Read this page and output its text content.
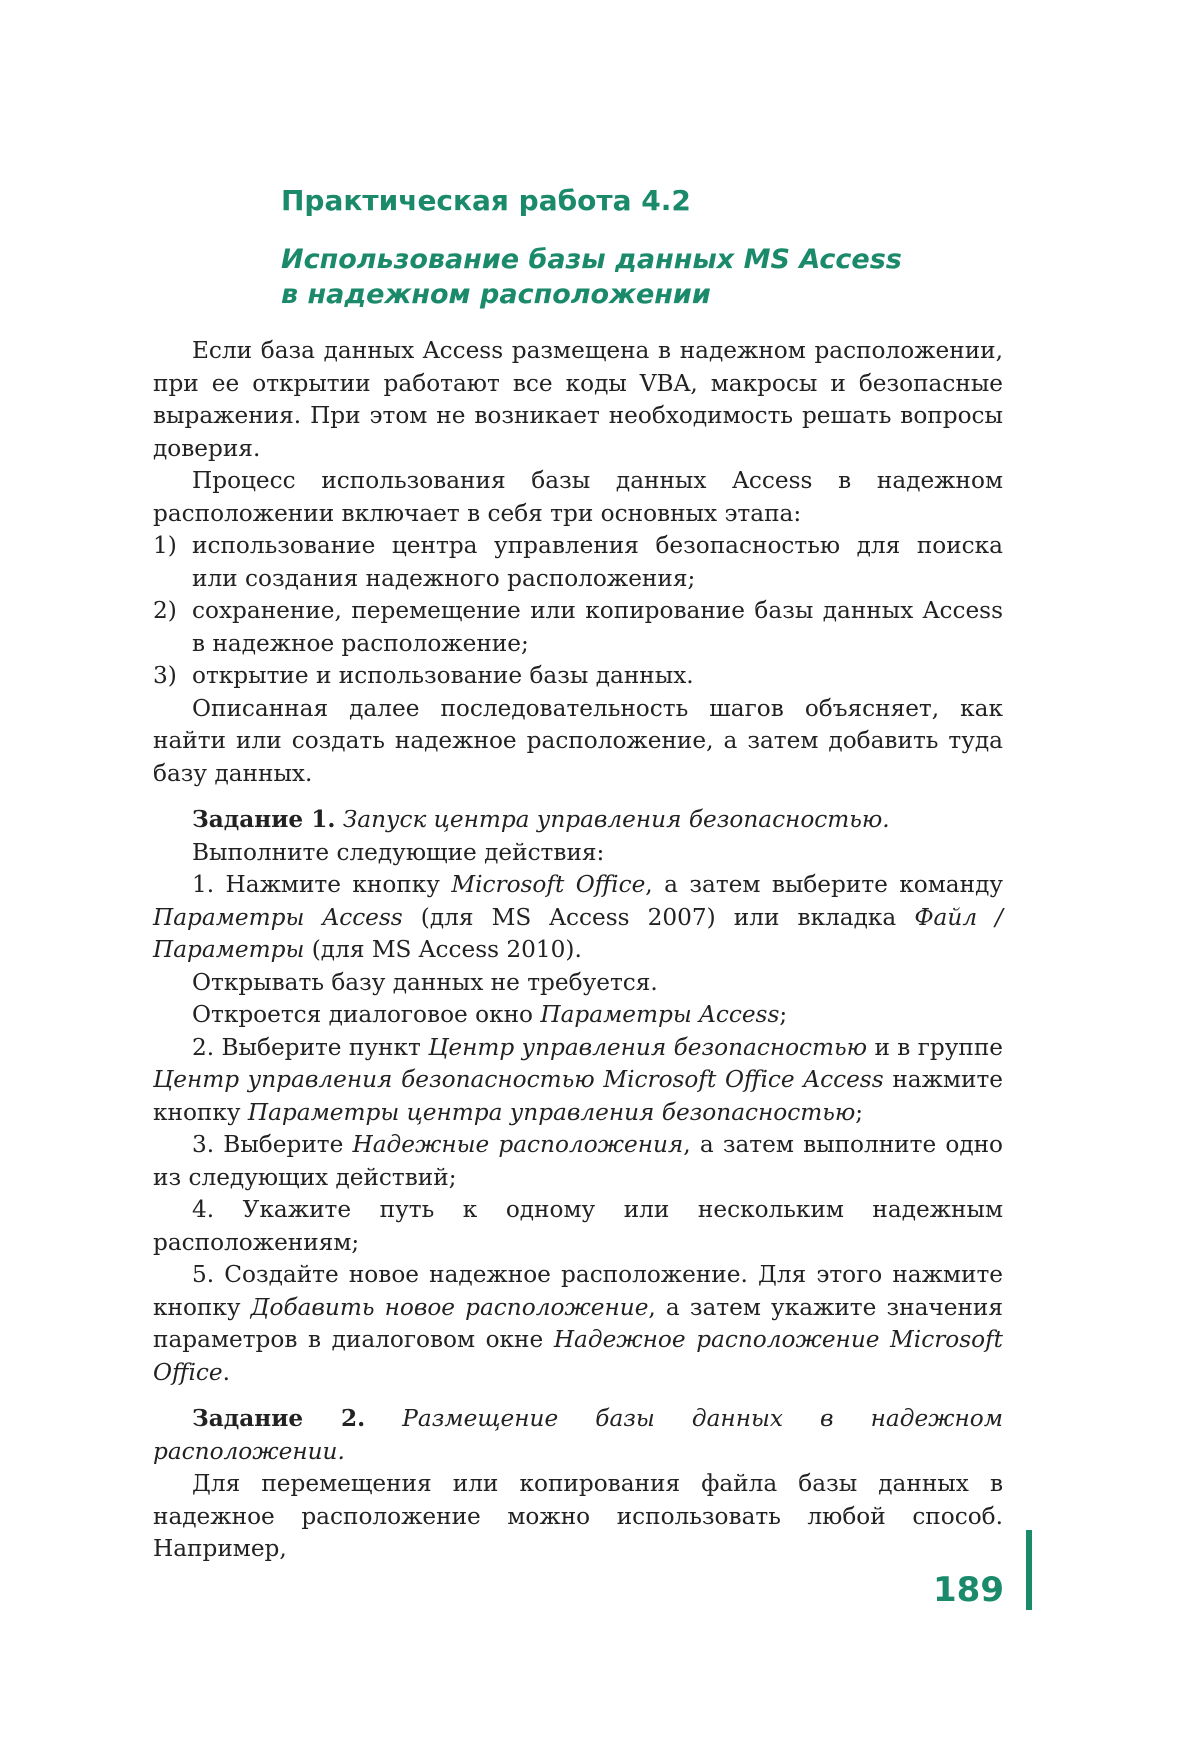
Практическая работа 4.2
Использование базы данных MS Access
в надежном расположении

Если база данных Access размещена в надежном расположении, при ее открытии работают все коды VBA, макросы и безопасные выражения. При этом не возникает необходимость решать вопросы доверия.

Процесс использования базы данных Access в надежном расположении включает в себя три основных этапа:

1) использование центра управления безопасностью для поиска или создания надежного расположения;
2) сохранение, перемещение или копирование базы данных Access в надежное расположение;
3) открытие и использование базы данных.

Описанная далее последовательность шагов объясняет, как найти или создать надежное расположение, а затем добавить туда базу данных.

Задание 1. Запуск центра управления безопасностью.

Выполните следующие действия:

1. Нажмите кнопку Microsoft Office, а затем выберите команду Параметры Access (для MS Access 2007) или вкладка Файл / Параметры (для MS Access 2010).

Открывать базу данных не требуется.

Откроется диалоговое окно Параметры Access;

2. Выберите пункт Центр управления безопасностью и в группе Центр управления безопасностью Microsoft Office Access нажмите кнопку Параметры центра управления безопасностью;

3. Выберите Надежные расположения, а затем выполните одно из следующих действий;

4. Укажите путь к одному или нескольким надежным расположениям;

5. Создайте новое надежное расположение. Для этого нажмите кнопку Добавить новое расположение, а затем укажите значения параметров в диалоговом окне Надежное расположение Microsoft Office.

Задание 2. Размещение базы данных в надежном расположении.

Для перемещения или копирования файла базы данных в надежное расположение можно использовать любой способ. Например,

189
